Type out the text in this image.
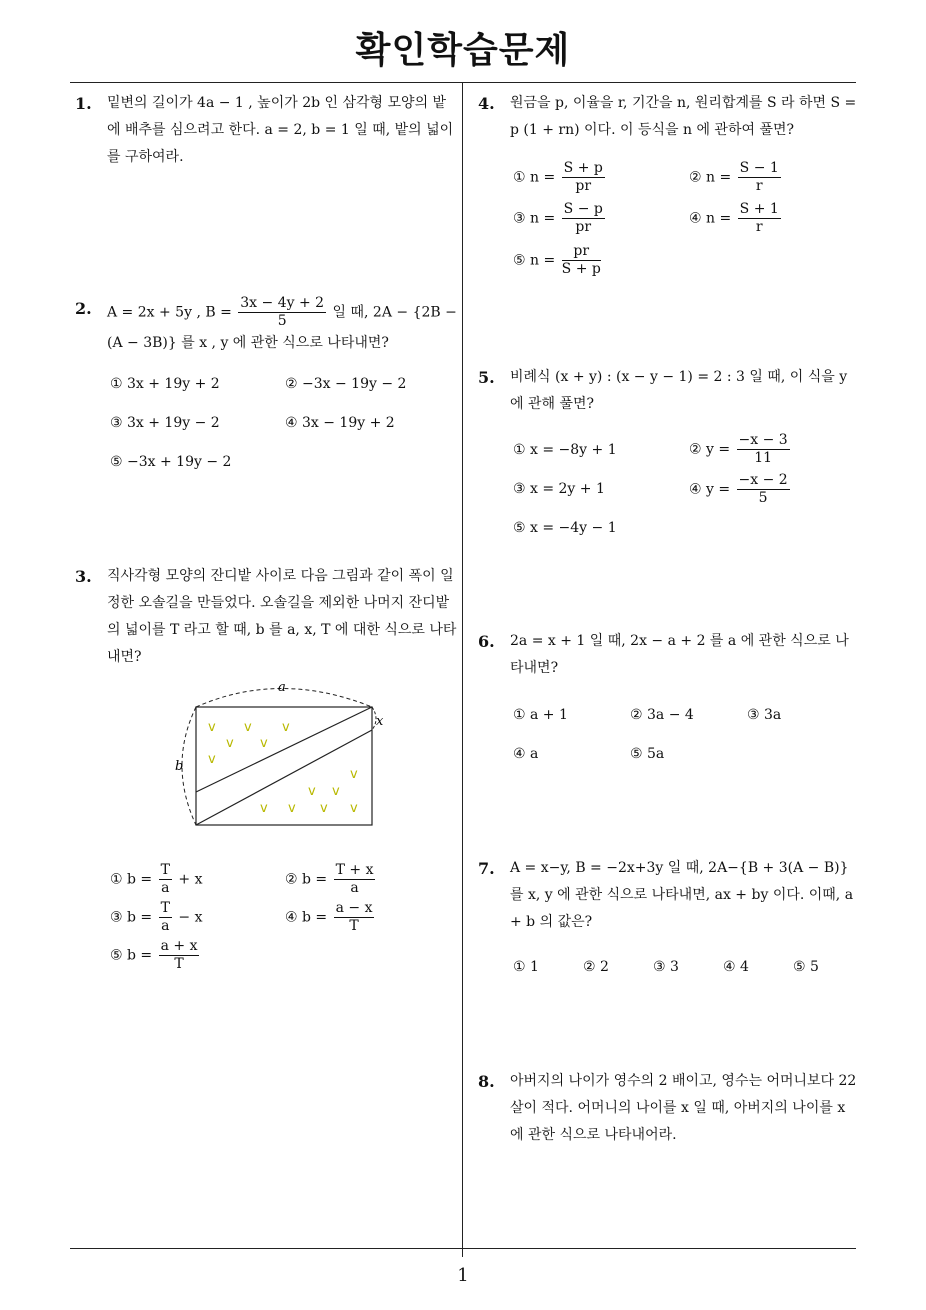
확인학습문제
1
1. 밑변의 길이가 4a − 1 , 높이가 2b 인 삼각형 모양의 밭에 배추를 심으려고 한다. a = 2, b = 1 일 때, 밭의 넓이를 구하여라.
2. A = 2x + 5y , $B = \frac{3x - 4y + 2}{5}$ 일 때, 2A − {2B − (A − 3B)} 를 x , y 에 관한 식으로 나타내면?
① 3x + 19y + 2	② −3x − 19y − 2
③ 3x + 19y − 2	④ 3x − 19y + 2
⑤ −3x + 19y − 2
3. 직사각형 모양의 잔디밭 사이로 다음 그림과 같이 폭이 일정한 오솔길을 만들었다. 오솔길을 제외한 나머지 잔디밭의 넓이를 T 라고 할 때, b 를 a, x, T 에 대한 식으로 나타내면?
a
b
x
v v v
v v
v
v
v v
v v v v
① $b = \frac{T}{a} + x$	② $b = \frac{T + x}{a}$
③ $b = \frac{T}{a} - x$	④ $b = \frac{a - x}{T}$
⑤ $b = \frac{a + x}{T}$
4. 원금을 p, 이율을 r, 기간을 n, 원리합계를 S 라 하면 S = p (1 + rn) 이다. 이 등식을 n 에 관하여 풀면?
① $n = \frac{S + p}{pr}$	② $n = \frac{S - 1}{r}$
③ $n = \frac{S - p}{pr}$	④ $n = \frac{S + 1}{r}$
⑤ $n = \frac{pr}{S + p}$
5. 비례식 (x + y) : (x − y − 1) = 2 : 3 일 때, 이 식을 y 에 관해 풀면?
① x = −8y + 1	② $y = \frac{-x - 3}{11}$
③ x = 2y + 1	④ $y = \frac{-x - 2}{5}$
⑤ x = −4y − 1
6. 2a = x + 1 일 때, 2x − a + 2 를 a 에 관한 식으로 나타내면?
① a + 1	② 3a − 4	③ 3a
④ a	⑤ 5a
7. A = x−y, B = −2x+3y 일 때, 2A−{B + 3(A − B)} 를 x, y 에 관한 식으로 나타내면, ax + by 이다. 이때, a + b 의 값은?
① 1	② 2	③ 3	④ 4	⑤ 5
8. 아버지의 나이가 영수의 2 배이고, 영수는 어머니보다 22 살이 적다. 어머니의 나이를 x 일 때, 아버지의 나이를 x 에 관한 식으로 나타내어라.
